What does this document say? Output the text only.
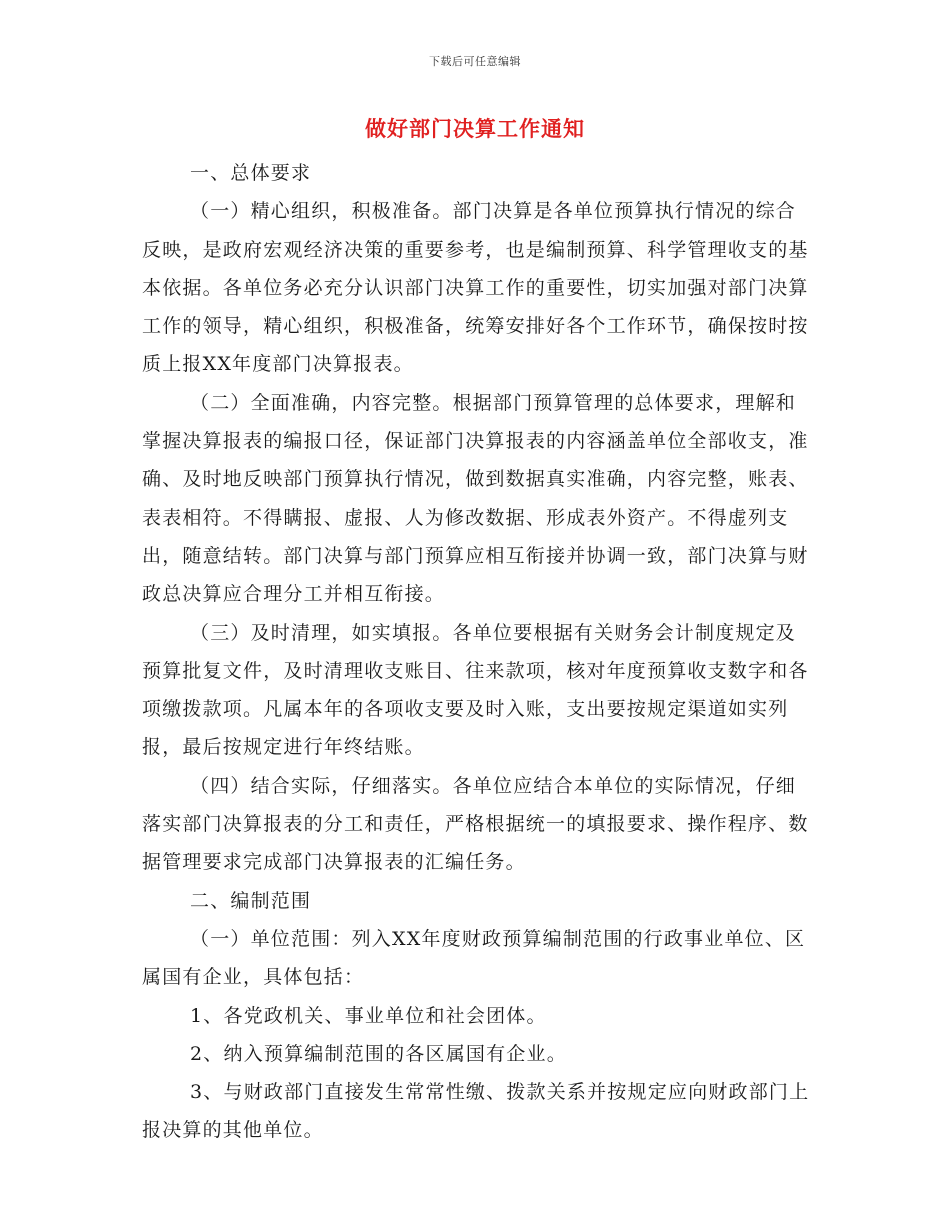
下载后可任意编辑
做好部门决算工作通知

一、总体要求

（一）精心组织，积极准备。部门决算是各单位预算执行情况的综合反映，是政府宏观经济决策的重要参考，也是编制预算、科学管理收支的基本依据。各单位务必充分认识部门决算工作的重要性，切实加强对部门决算工作的领导，精心组织，积极准备，统筹安排好各个工作环节，确保按时按质上报XX年度部门决算报表。

（二）全面准确，内容完整。根据部门预算管理的总体要求，理解和掌握决算报表的编报口径，保证部门决算报表的内容涵盖单位全部收支，准确、及时地反映部门预算执行情况，做到数据真实准确，内容完整，账表、表表相符。不得瞒报、虚报、人为修改数据、形成表外资产。不得虚列支出，随意结转。部门决算与部门预算应相互衔接并协调一致，部门决算与财政总决算应合理分工并相互衔接。

（三）及时清理，如实填报。各单位要根据有关财务会计制度规定及预算批复文件，及时清理收支账目、往来款项，核对年度预算收支数字和各项缴拨款项。凡属本年的各项收支要及时入账，支出要按规定渠道如实列报，最后按规定进行年终结账。

（四）结合实际，仔细落实。各单位应结合本单位的实际情况，仔细落实部门决算报表的分工和责任，严格根据统一的填报要求、操作程序、数据管理要求完成部门决算报表的汇编任务。

二、编制范围

（一）单位范围：列入XX年度财政预算编制范围的行政事业单位、区属国有企业，具体包括：

1、各党政机关、事业单位和社会团体。

2、纳入预算编制范围的各区属国有企业。

3、与财政部门直接发生常常性缴、拨款关系并按规定应向财政部门上报决算的其他单位。
